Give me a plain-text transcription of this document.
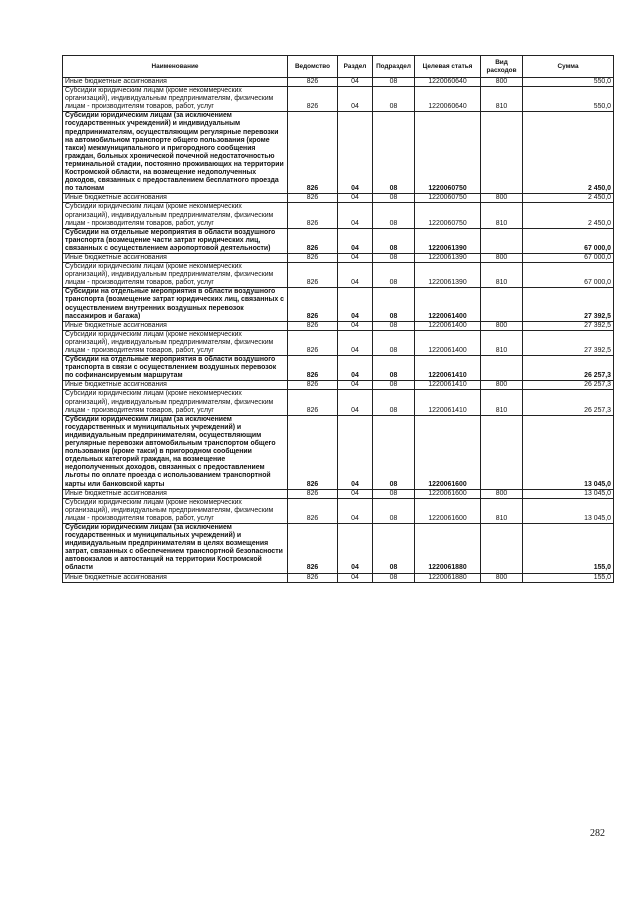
Наименование	Ведомство	Раздел	Подраздел	Целевая статья	Вид расходов	Сумма
Иные бюджетные ассигнования	826	04	08	1220060640	800	550,0
Субсидии юридическим лицам (кроме некоммерческих организаций), индивидуальным предпринимателям, физическим лицам - производителям товаров, работ, услуг	826	04	08	1220060640	810	550,0
Субсидии юридическим лицам (за исключением государственных учреждений) и индивидуальным предпринимателям, осуществляющим регулярные перевозки на автомобильном транспорте общего пользования (кроме такси) межмуниципального и пригородного сообщения граждан, больных хронической почечной недостаточностью терминальной стадии, постоянно проживающих на территории Костромской области, на возмещение недополученных доходов, связанных с предоставлением бесплатного проезда по талонам	826	04	08	1220060750		2 450,0
Иные бюджетные ассигнования	826	04	08	1220060750	800	2 450,0
Субсидии юридическим лицам (кроме некоммерческих организаций), индивидуальным предпринимателям, физическим лицам - производителям товаров, работ, услуг	826	04	08	1220060750	810	2 450,0
Субсидии на отдельные мероприятия в области воздушного транспорта (возмещение части затрат юридических лиц, связанных с осуществлением аэропортовой деятельности)	826	04	08	1220061390		67 000,0
Иные бюджетные ассигнования	826	04	08	1220061390	800	67 000,0
Субсидии юридическим лицам (кроме некоммерческих организаций), индивидуальным предпринимателям, физическим лицам - производителям товаров, работ, услуг	826	04	08	1220061390	810	67 000,0
Субсидии на отдельные мероприятия в области воздушного транспорта (возмещение затрат юридических лиц, связанных с осуществлением внутренних воздушных перевозок пассажиров и багажа)	826	04	08	1220061400		27 392,5
Иные бюджетные ассигнования	826	04	08	1220061400	800	27 392,5
Субсидии юридическим лицам (кроме некоммерческих организаций), индивидуальным предпринимателям, физическим лицам - производителям товаров, работ, услуг	826	04	08	1220061400	810	27 392,5
Субсидии на отдельные мероприятия в области воздушного транспорта в связи с осуществлением воздушных перевозок по софинансируемым маршрутам	826	04	08	1220061410		26 257,3
Иные бюджетные ассигнования	826	04	08	1220061410	800	26 257,3
Субсидии юридическим лицам (кроме некоммерческих организаций), индивидуальным предпринимателям, физическим лицам - производителям товаров, работ, услуг	826	04	08	1220061410	810	26 257,3
Субсидии юридическим лицам (за исключением государственных и муниципальных учреждений) и индивидуальным предпринимателям, осуществляющим регулярные перевозки автомобильным транспортом общего пользования (кроме такси) в пригородном сообщении отдельных категорий граждан, на возмещение недополученных доходов, связанных с предоставлением льготы по оплате проезда с использованием транспортной карты или банковской карты	826	04	08	1220061600		13 045,0
Иные бюджетные ассигнования	826	04	08	1220061600	800	13 045,0
Субсидии юридическим лицам (кроме некоммерческих организаций), индивидуальным предпринимателям, физическим лицам - производителям товаров, работ, услуг	826	04	08	1220061600	810	13 045,0
Субсидии юридическим лицам (за исключением государственных и муниципальных учреждений) и индивидуальным предпринимателям в целях возмещения затрат, связанных с обеспечением транспортной безопасности автовокзалов и автостанций на территории Костромской области	826	04	08	1220061880		155,0
Иные бюджетные ассигнования	826	04	08	1220061880	800	155,0
282
